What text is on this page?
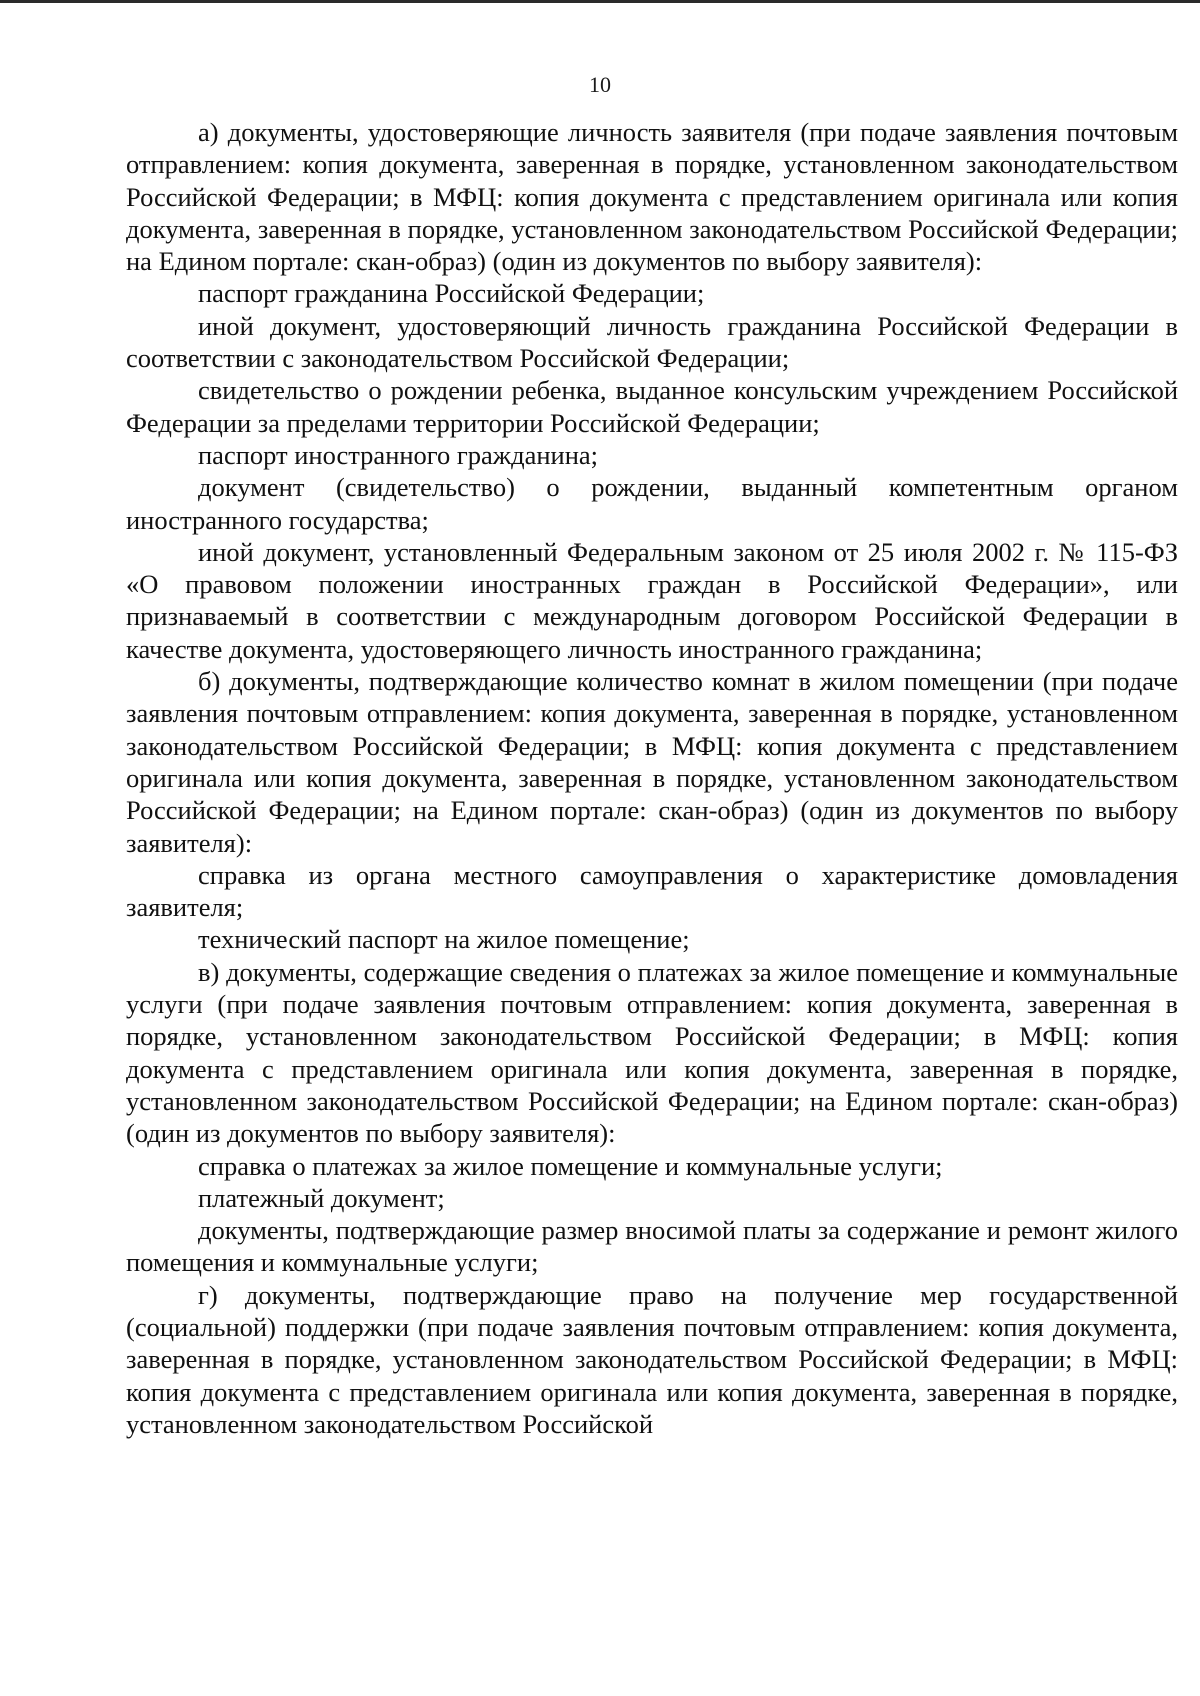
10

а) документы, удостоверяющие личность заявителя (при подаче заявления почтовым отправлением: копия документа, заверенная в порядке, установленном законодательством Российской Федерации; в МФЦ: копия документа с представлением оригинала или копия документа, заверенная в порядке, установленном законодательством Российской Федерации; на Едином портале: скан-образ) (один из документов по выбору заявителя):

паспорт гражданина Российской Федерации;

иной документ, удостоверяющий личность гражданина Российской Федерации в соответствии с законодательством Российской Федерации;

свидетельство о рождении ребенка, выданное консульским учреждением Российской Федерации за пределами территории Российской Федерации;

паспорт иностранного гражданина;

документ (свидетельство) о рождении, выданный компетентным органом иностранного государства;

иной документ, установленный Федеральным законом от 25 июля 2002 г. № 115-ФЗ «О правовом положении иностранных граждан в Российской Федерации», или признаваемый в соответствии с международным договором Российской Федерации в качестве документа, удостоверяющего личность иностранного гражданина;

б) документы, подтверждающие количество комнат в жилом помещении (при подаче заявления почтовым отправлением: копия документа, заверенная в порядке, установленном законодательством Российской Федерации; в МФЦ: копия документа с представлением оригинала или копия документа, заверенная в порядке, установленном законодательством Российской Федерации; на Едином портале: скан-образ) (один из документов по выбору заявителя):

справка из органа местного самоуправления о характеристике домовладения заявителя;

технический паспорт на жилое помещение;

в) документы, содержащие сведения о платежах за жилое помещение и коммунальные услуги (при подаче заявления почтовым отправлением: копия документа, заверенная в порядке, установленном законодательством Российской Федерации; в МФЦ: копия документа с представлением оригинала или копия документа, заверенная в порядке, установленном законодательством Российской Федерации; на Едином портале: скан-образ) (один из документов по выбору заявителя):

справка о платежах за жилое помещение и коммунальные услуги;

платежный документ;

документы, подтверждающие размер вносимой платы за содержание и ремонт жилого помещения и коммунальные услуги;

г) документы, подтверждающие право на получение мер государственной (социальной) поддержки (при подаче заявления почтовым отправлением: копия документа, заверенная в порядке, установленном законодательством Российской Федерации; в МФЦ: копия документа с представлением оригинала или копия документа, заверенная в порядке, установленном законодательством Российской
